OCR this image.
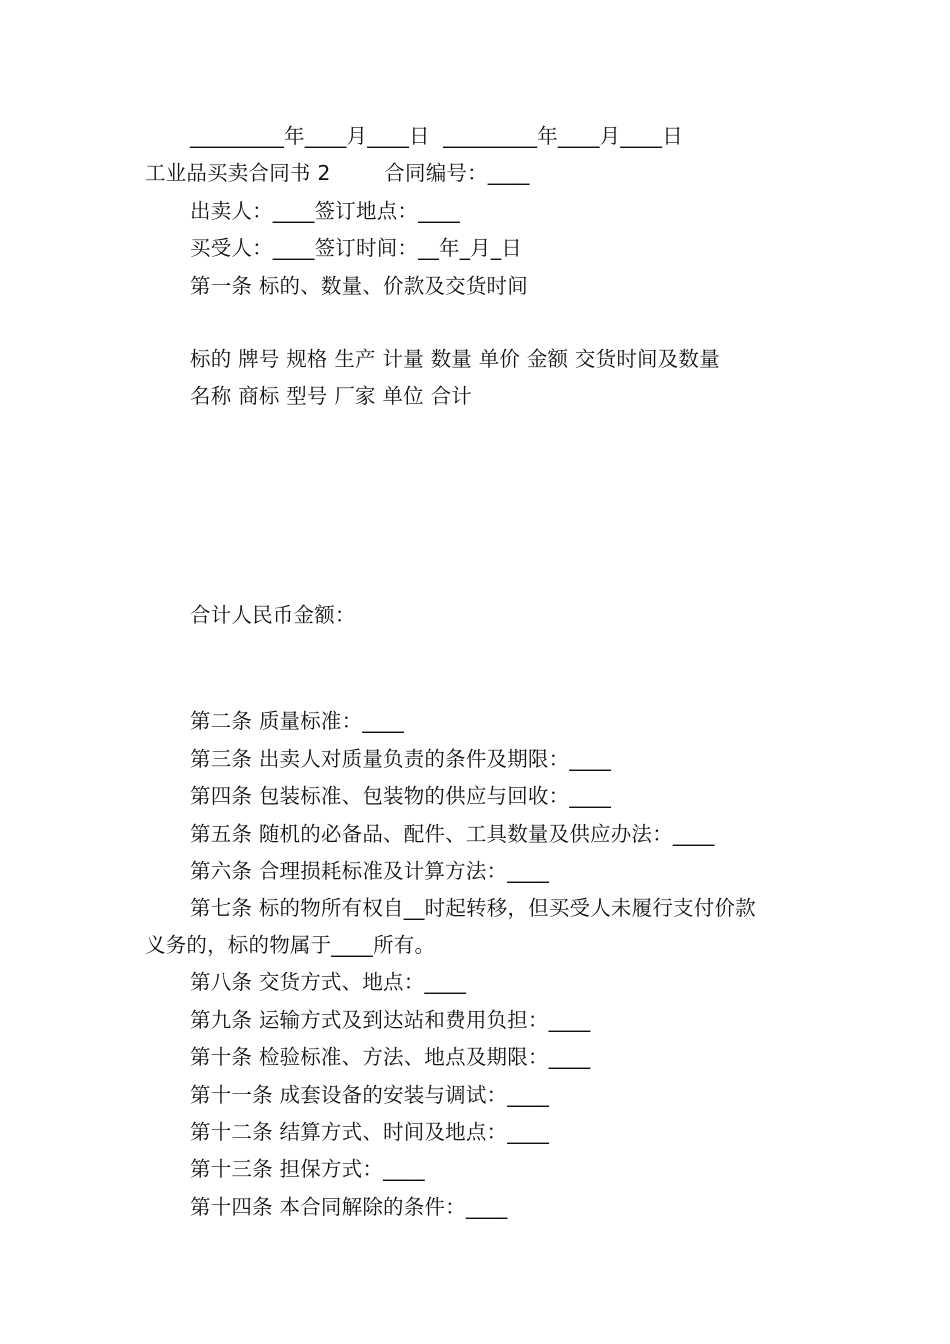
_________年____月____日  _________年____月____日
工业品买卖合同书 2        合同编号：____
出卖人：____签订地点：____
买受人：____签订时间：__年_月_日
第一条 标的、数量、价款及交货时间
标的 牌号 规格 生产 计量 数量 单价 金额 交货时间及数量
名称 商标 型号 厂家 单位 合计
合计人民币金额：
第二条 质量标准：____
第三条 出卖人对质量负责的条件及期限：____
第四条 包装标准、包装物的供应与回收：____
第五条 随机的必备品、配件、工具数量及供应办法：____
第六条 合理损耗标准及计算方法：____
第七条 标的物所有权自__时起转移，但买受人未履行支付价款
义务的，标的物属于____所有。
第八条 交货方式、地点：____
第九条 运输方式及到达站和费用负担：____
第十条 检验标准、方法、地点及期限：____
第十一条 成套设备的安装与调试：____
第十二条 结算方式、时间及地点：____
第十三条 担保方式：____
第十四条 本合同解除的条件：____
